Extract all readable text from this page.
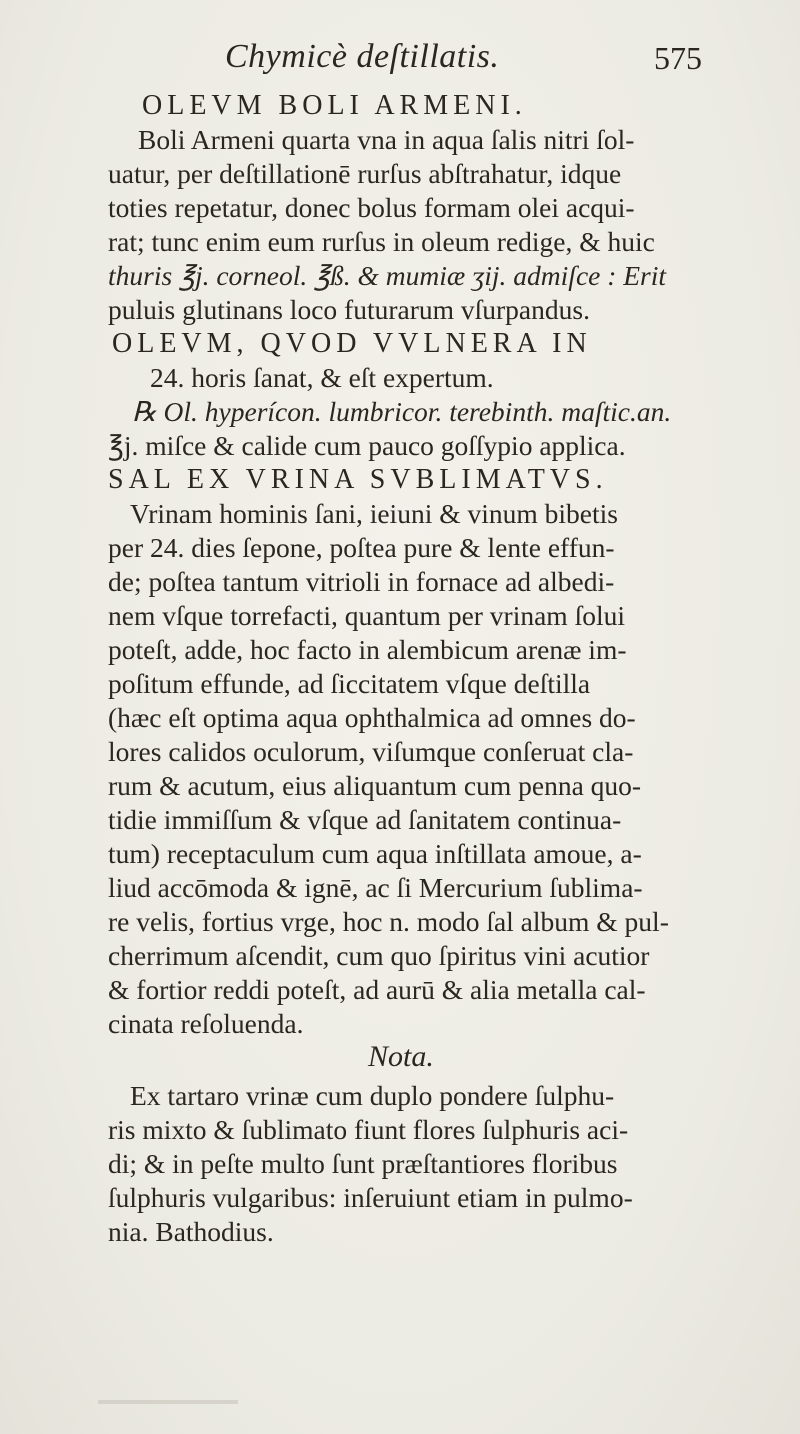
Chymicè deſtillatis.	575
OLEVM BOLI ARMENI.
Boli Armeni quarta vna in aqua ſalis nitri ſol-
uatur, per deſtillationē rurſus abſtrahatur, idque
toties repetatur, donec bolus formam olei acqui-
rat; tunc enim eum rurſus in oleum redige, & huic
thuris ℥j. corneol. ℥ß. & mumiæ ʒij. admiſce : Erit
puluis glutinans loco futurarum vſurpandus.
OLEVM, QVOD VVLNERA IN
24. horis ſanat, & eſt expertum.
℞ Ol. hyperícon. lumbricor. terebinth. maſtic.an.
℥j. miſce & calide cum pauco goſſypio applica.
SAL EX VRINA SVBLIMATVS.
Vrinam hominis ſani, ieiuni & vinum bibetis
per 24. dies ſepone, poſtea pure & lente effun-
de; poſtea tantum vitrioli in fornace ad albedi-
nem vſque torrefacti, quantum per vrinam ſolui
poteſt, adde, hoc facto in alembicum arenæ im-
poſitum effunde, ad ſiccitatem vſque deſtilla
(hæc eſt optima aqua ophthalmica ad omnes do-
lores calidos oculorum, viſumque conſeruat cla-
rum & acutum, eius aliquantum cum penna quo-
tidie immiſſum & vſque ad ſanitatem continua-
tum) receptaculum cum aqua inſtillata amoue, a-
liud accōmoda & ignē, ac ſi Mercurium ſublima-
re velis, fortius vrge, hoc n. modo ſal album & pul-
cherrimum aſcendit, cum quo ſpiritus vini acutior
& fortior reddi poteſt, ad aurū & alia metalla cal-
cinata reſoluenda.
Nota.
Ex tartaro vrinæ cum duplo pondere ſulphu-
ris mixto & ſublimato fiunt flores ſulphuris aci-
di; & in peſte multo ſunt præſtantiores floribus
ſulphuris vulgaribus: inſeruiunt etiam in pulmo-
nia. Bathodius.
